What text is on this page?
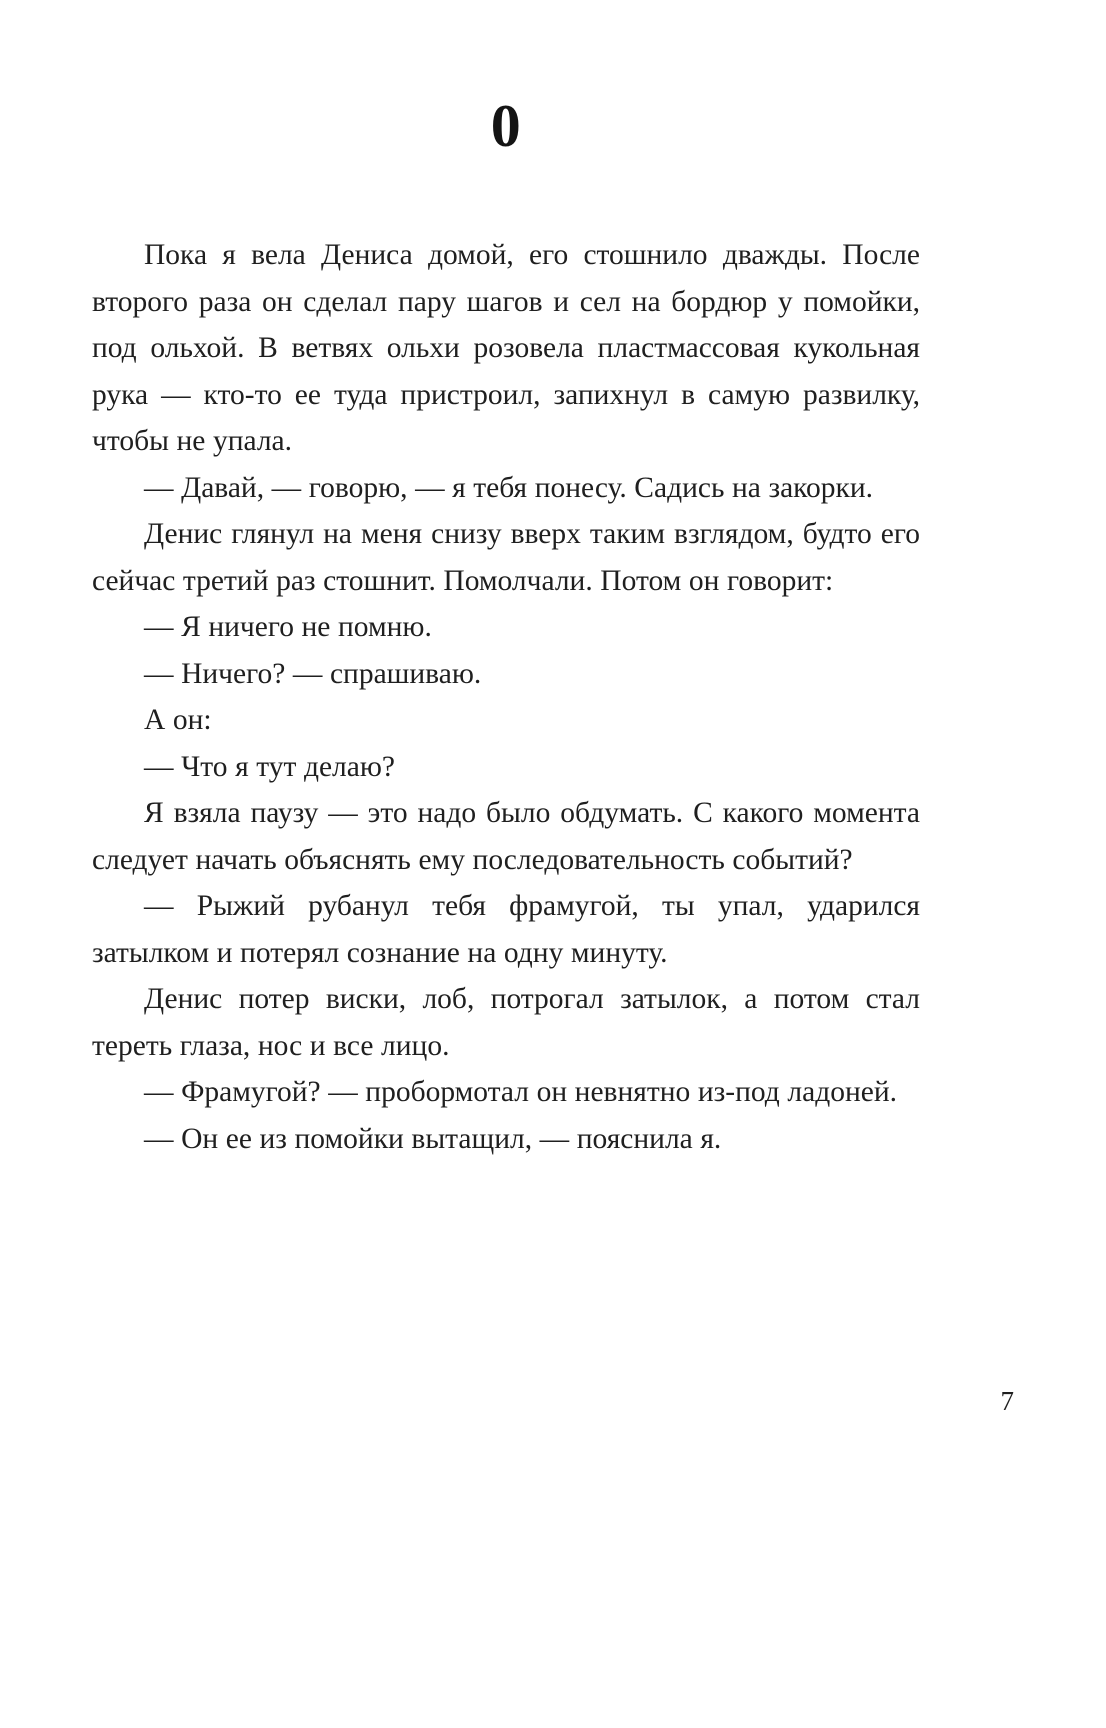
0

Пока я вела Дениса домой, его стошнило дважды. После второго раза он сделал пару шагов и сел на бордюр у помойки, под ольхой. В ветвях ольхи розовела пластмассовая кукольная рука — кто-то ее туда пристроил, запихнул в самую развилку, чтобы не упала.

— Давай, — говорю, — я тебя понесу. Садись на закорки.

Денис глянул на меня снизу вверх таким взглядом, будто его сейчас третий раз стошнит. Помолчали. Потом он говорит:

— Я ничего не помню.

— Ничего? — спрашиваю.

А он:

— Что я тут делаю?

Я взяла паузу — это надо было обдумать. С какого момента следует начать объяснять ему последовательность событий?

— Рыжий рубанул тебя фрамугой, ты упал, ударился затылком и потерял сознание на одну минуту.

Денис потер виски, лоб, потрогал затылок, а потом стал тереть глаза, нос и все лицо.

— Фрамугой? — пробормотал он невнятно из-под ладоней.

— Он ее из помойки вытащил, — пояснила я.

7
